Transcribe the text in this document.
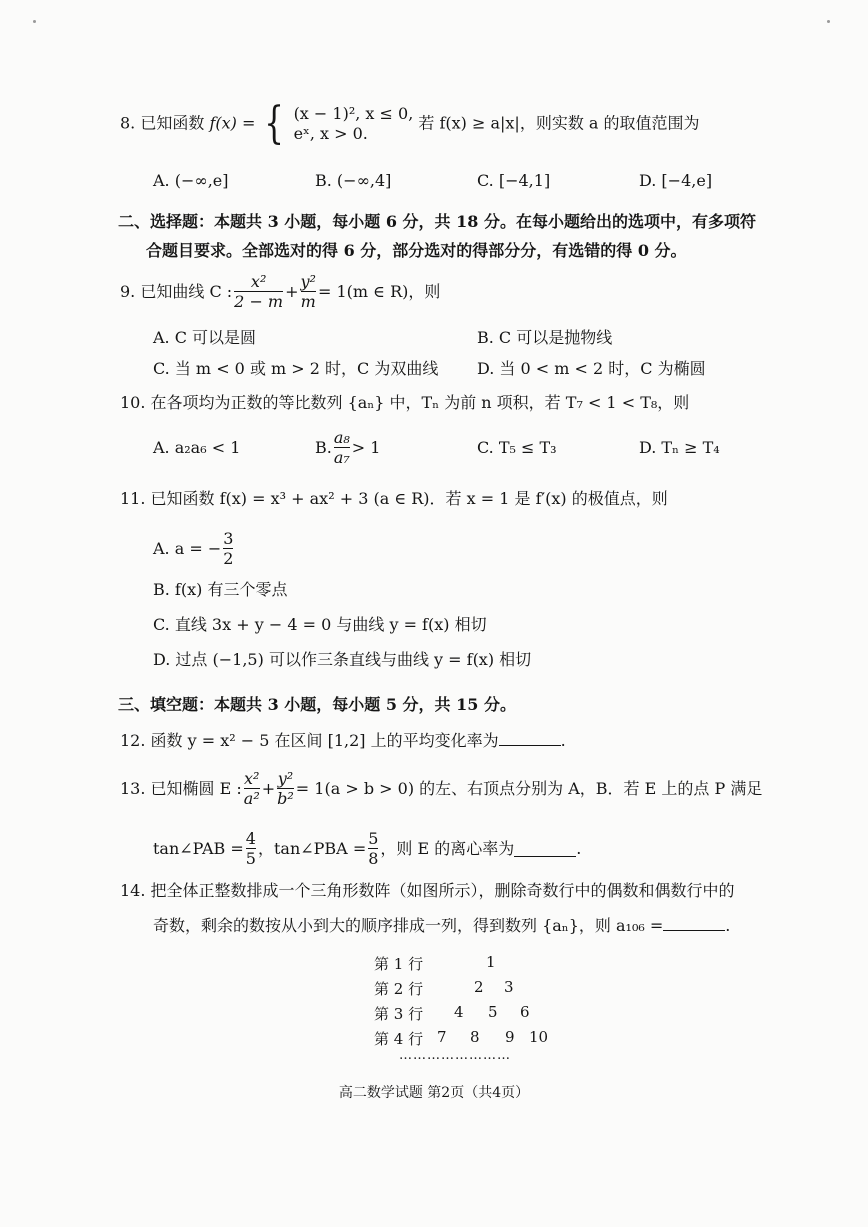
8. 已知函数 f(x) = { (x − 1)², x ≤ 0,
eˣ, x > 0.
若 f(x) ≥ a|x|，则实数 a 的取值范围为
A. (−∞,e]	B. (−∞,4]	C. [−4,1]	D. [−4,e]
二、选择题：本题共 3 小题，每小题 6 分，共 18 分。在每小题给出的选项中，有多项符
合题目要求。全部选对的得 6 分，部分选对的得部分分，有选错的得 0 分。
9. 已知曲线 C : $\frac{\text{x²}}{2 - m} + \frac{\text{y²}}{m} = 1(m$ ∈ R)，则
A. C 可以是圆	B. C 可以是抛物线
C. 当 m < 0 或 m > 2 时，C 为双曲线 D. 当 0 < m < 2 时，C 为椭圆
10. 在各项均为正数的等比数列 {aₙ} 中，Tₙ 为前 n 项积，若 T₇ < 1 < T₈，则
A. a₂a₆ < 1	B. $\frac{\text{a₈}}{\text{a₇}} > 1$	C. T₅ ≤ T₃	D. Tₙ ≥ T₄
11. 已知函数 f(x) = x³ + ax² + 3 (a ∈ R)．若 x = 1 是 f′(x) 的极值点，则
A. a = − $\frac{3}{2}$
B. f(x) 有三个零点
C. 直线 3x + y − 4 = 0 与曲线 y = f(x) 相切
D. 过点 (−1,5) 可以作三条直线与曲线 y = f(x) 相切
三、填空题：本题共 3 小题，每小题 5 分，共 15 分。
12. 函数 y = x² − 5 在区间 [1,2] 上的平均变化率为	.
13. 已知椭圆 E : $\frac{\text{x²}}{\text{a²}} + \frac{\text{y²}}{\text{b²}} = 1(a > b > 0)$ 的左、右顶点分别为 A，B．若 E 上的点 P 满足
tan∠PAB = $\frac{4}{5}$ ，tan∠PBA = $\frac{5}{8}$ ，则 E 的离心率为	.
14. 把全体正整数排成一个三角形数阵（如图所示），删除奇数行中的偶数和偶数行中的
奇数，剩余的数按从小到大的顺序排成一列，得到数列 {aₙ}，则 a₁₀₆ =	.
第 1 行	1
第 2 行	2 3
第 3 行 4 5 6
第 4 行 7 8 9 10
……………………
高二数学试题 第2页（共4页）
